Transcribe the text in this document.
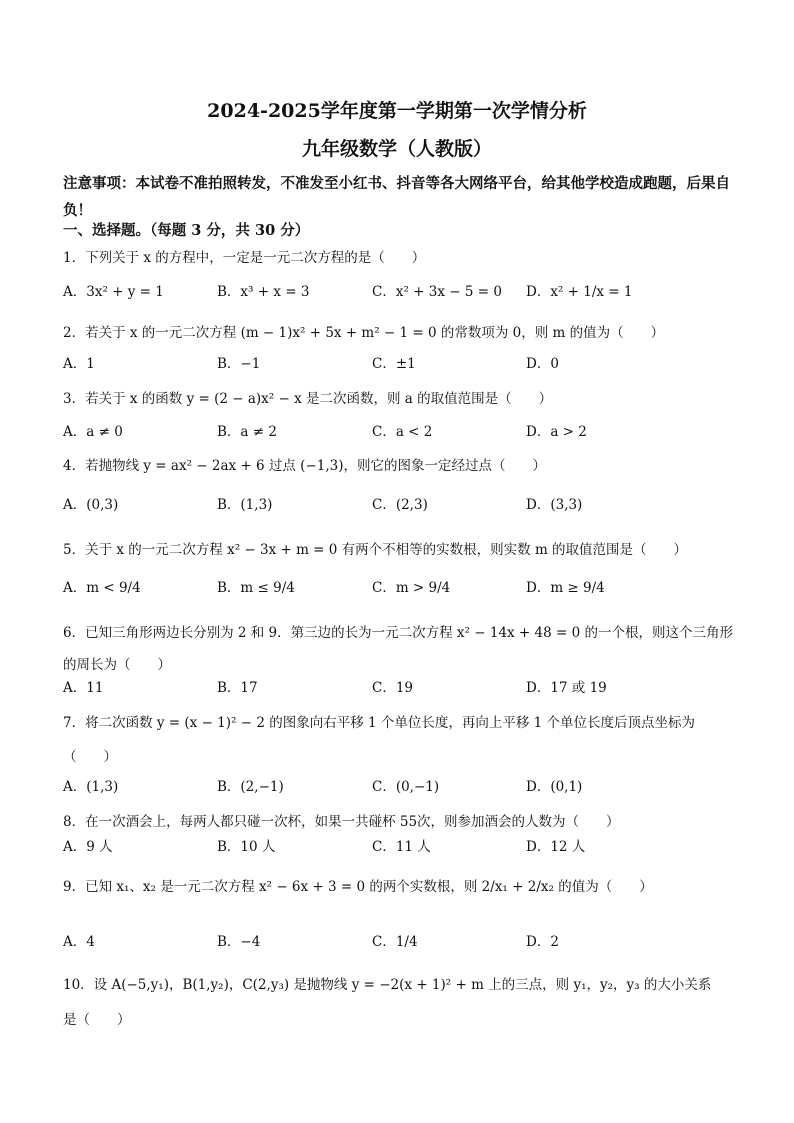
2024-2025学年度第一学期第一次学情分析
九年级数学（人教版）
注意事项：本试卷不准拍照转发，不准发至小红书、抖音等各大网络平台，给其他学校造成跑题，后果自负！
一、选择题。（每题 3 分，共 30 分）
1．下列关于 x 的方程中，一定是一元二次方程的是（　　）
A．3x² + y = 1	B．x³ + x = 3	C．x² + 3x − 5 = 0 D．x² + 1/x = 1
2．若关于 x 的一元二次方程 (m − 1)x² + 5x + m² − 1 = 0 的常数项为 0，则 m 的值为（　　）
A．1	B．−1	C．±1	D．0
3．若关于 x 的函数 y = (2 − a)x² − x 是二次函数，则 a 的取值范围是（　　）
A．a ≠ 0	B．a ≠ 2	C．a < 2	D．a > 2
4．若抛物线 y = ax² − 2ax + 6 过点 (−1,3)，则它的图象一定经过点（　　）
A．(0,3)	B．(1,3)	C．(2,3)	D．(3,3)
5．关于 x 的一元二次方程 x² − 3x + m = 0 有两个不相等的实数根，则实数 m 的取值范围是（　　）
A．m < 9/4	B．m ≤ 9/4	C．m > 9/4	D．m ≥ 9/4
6．已知三角形两边长分别为 2 和 9．第三边的长为一元二次方程 x² − 14x + 48 = 0 的一个根，则这个三角形
的周长为（　　）
A．11	B．17	C．19	D．17 或 19
7．将二次函数 y = (x − 1)² − 2 的图象向右平移 1 个单位长度，再向上平移 1 个单位长度后顶点坐标为
（　　）
A．(1,3)	B．(2,−1)	C．(0,−1)	D．(0,1)
8．在一次酒会上，每两人都只碰一次杯，如果一共碰杯 55次，则参加酒会的人数为（　　）
A．9 人	B．10 人	C．11 人	D．12 人
9．已知 x₁、x₂ 是一元二次方程 x² − 6x + 3 = 0 的两个实数根，则 2/x₁ + 2/x₂ 的值为（　　）
A．4	B．−4	C．1/4	D．2
10．设 A(−5,y₁)，B(1,y₂)，C(2,y₃) 是抛物线 y = −2(x + 1)² + m 上的三点，则 y₁，y₂，y₃ 的大小关系
是（　　）
